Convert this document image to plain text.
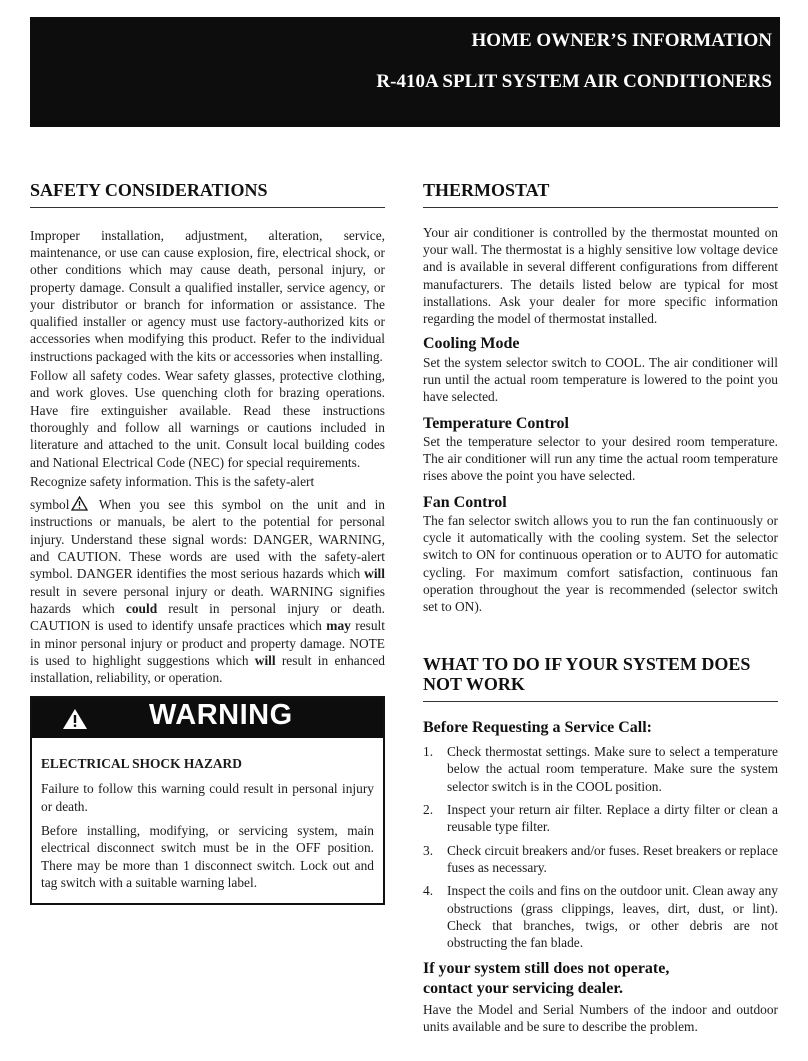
HOME OWNER’S INFORMATION
R-410A SPLIT SYSTEM AIR CONDITIONERS
SAFETY CONSIDERATIONS

Improper installation, adjustment, alteration, service, maintenance, or use can cause explosion, fire, electrical shock, or other conditions which may cause death, personal injury, or property damage. Consult a qualified installer, service agency, or your distributor or branch for information or assistance. The qualified installer or agency must use factory-authorized kits or accessories when modifying this product. Refer to the individual instructions packaged with the kits or accessories when installing.

Follow all safety codes. Wear safety glasses, protective clothing, and work gloves. Use quenching cloth for brazing operations. Have fire extinguisher available. Read these instructions thoroughly and follow all warnings or cautions included in literature and attached to the unit. Consult local building codes and National Electrical Code (NEC) for special requirements.

Recognize safety information. This is the safety-alert

symbol When you see this symbol on the unit and in instructions or manuals, be alert to the potential for personal injury. Understand these signal words: DANGER, WARNING, and CAUTION. These words are used with the safety-alert symbol. DANGER identifies the most serious hazards which will result in severe personal injury or death. WARNING signifies hazards which could result in personal injury or death. CAUTION is used to identify unsafe practices which may result in minor personal injury or product and property damage. NOTE is used to highlight suggestions which will result in enhanced installation, reliability, or operation.

WARNING
ELECTRICAL SHOCK HAZARD

Failure to follow this warning could result in personal injury or death.

Before installing, modifying, or servicing system, main electrical disconnect switch must be in the OFF position. There may be more than 1 disconnect switch. Lock out and tag switch with a suitable warning label.

THERMOSTAT

Your air conditioner is controlled by the thermostat mounted on your wall. The thermostat is a highly sensitive low voltage device and is available in several different configurations from different manufacturers. The details listed below are typical for most installations. Ask your dealer for more specific information regarding the model of thermostat installed.

Cooling Mode

Set the system selector switch to COOL. The air conditioner will run until the actual room temperature is lowered to the point you have selected.

Temperature Control

Set the temperature selector to your desired room temperature. The air conditioner will run any time the actual room temperature rises above the point you have selected.

Fan Control

The fan selector switch allows you to run the fan continuously or cycle it automatically with the cooling system. Set the selector switch to ON for continuous operation or to AUTO for automatic cycling. For maximum comfort satisfaction, continuous fan operation throughout the year is recommended (selector switch set to ON).

WHAT TO DO IF YOUR SYSTEM DOES NOT WORK
Before Requesting a Service Call:
1. Check thermostat settings. Make sure to select a temperature below the actual room temperature. Make sure the system selector switch is in the COOL position.
2. Inspect your return air filter. Replace a dirty filter or clean a reusable type filter.
3. Check circuit breakers and/or fuses. Reset breakers or replace fuses as necessary.
4. Inspect the coils and fins on the outdoor unit. Clean away any obstructions (grass clippings, leaves, dirt, dust, or lint). Check that branches, twigs, or other debris are not obstructing the fan blade.
If your system still does not operate,
contact your servicing dealer.

Have the Model and Serial Numbers of the indoor and outdoor units available and be sure to describe the problem.
